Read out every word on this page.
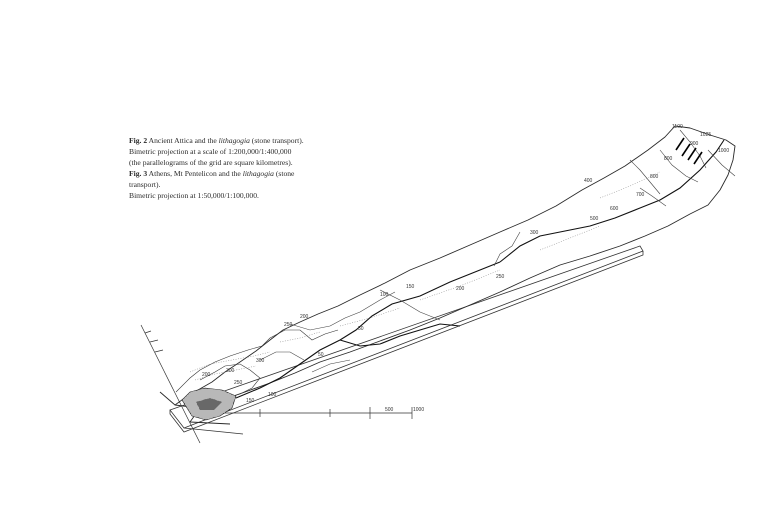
Fig. 2 Ancient Attica and the lithagogia (stone transport).
Bimetric projection at a scale of 1:200,000/1:400,000
(the parallelograms of the grid are square kilometres).
Fig. 3 Athens, Mt Pentelicon and the lithagogia (stone
transport).
Bimetric projection at 1:50,000/1:100,000.
500	1000
1100
1025
1000
900
800
800
700
600
500
400
300
250
200
150
100
50
200
250
300
300
250
200
150
100
50
